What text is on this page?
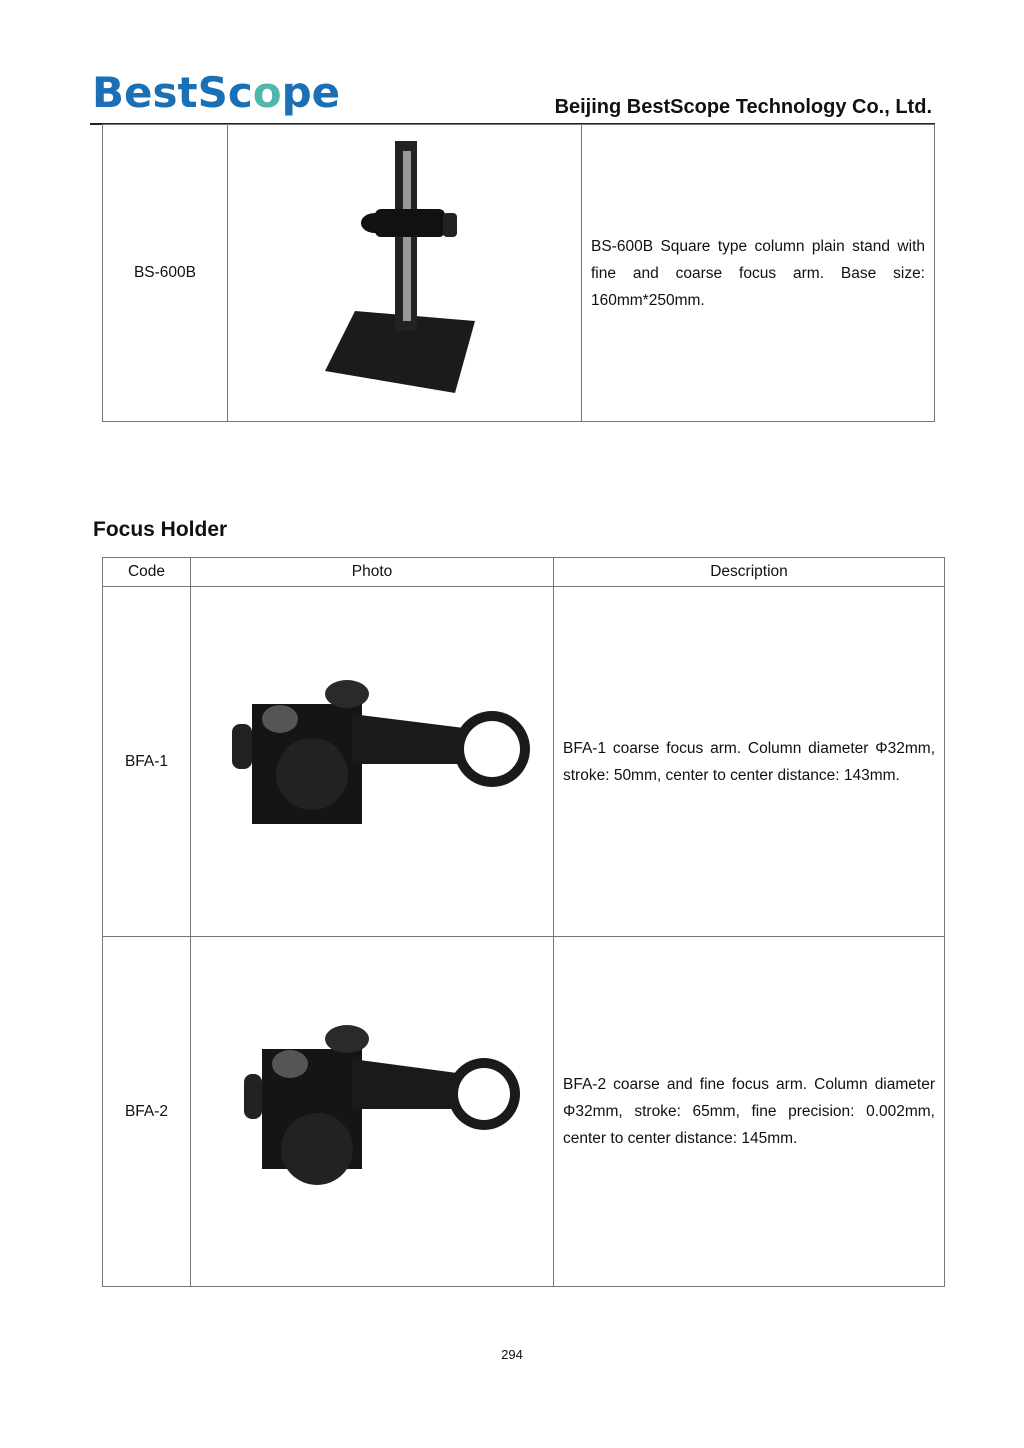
BestScope	Beijing BestScope Technology Co., Ltd.
BS-600B		BS-600B Square type column plain stand with fine and coarse focus arm. Base size: 160mm*250mm.
Focus Holder
Code	Photo	Description
BFA-1		BFA-1 coarse focus arm. Column diameter Φ32mm, stroke: 50mm, center to center distance: 143mm.
BFA-2		BFA-2 coarse and fine focus arm. Column diameter Φ32mm, stroke: 65mm, fine precision: 0.002mm, center to center distance: 145mm.
294
